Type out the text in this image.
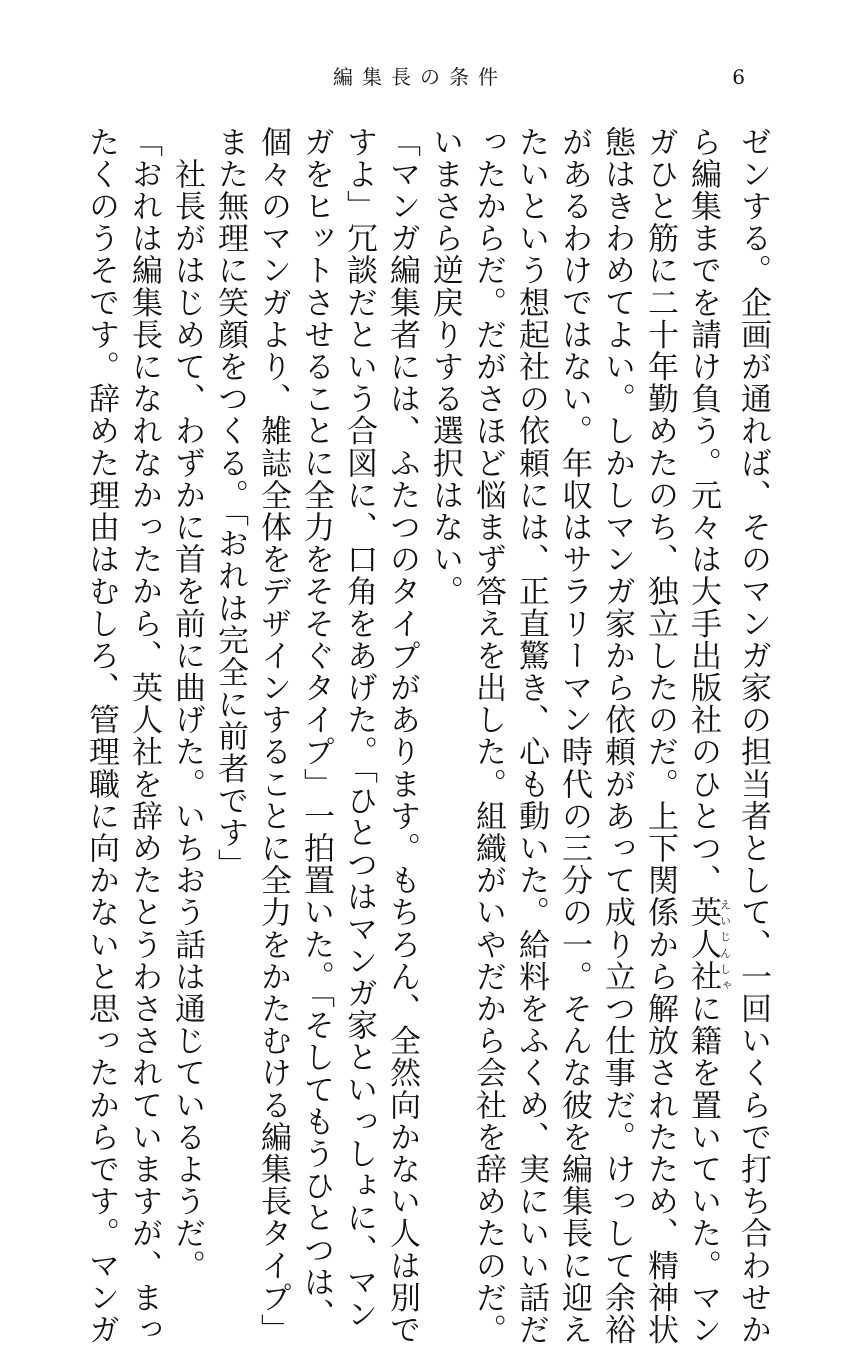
編集長の条件	6

ゼンする。企画が通れば、そのマンガ家の担当者として、一回いくらで打ち合わせか

ら編集までを請け負う。元々は大手出版社のひとつ、英人社えいじんしゃに籍を置いていた。マン

ガひと筋に二十年勤めたのち、独立したのだ。上下関係から解放されたため、精神状

態はきわめてよい。しかしマンガ家から依頼があって成り立つ仕事だ。けっして余裕

があるわけではない。年収はサラリーマン時代の三分の一。そんな彼を編集長に迎え

たいという想起社の依頼には、正直驚き、心も動いた。給料をふくめ、実にいい話だ

ったからだ。だがさほど悩まず答えを出した。組織がいやだから会社を辞めたのだ。

いまさら逆戻りする選択はない。

「マンガ編集者には、ふたつのタイプがあります。もちろん、全然向かない人は別で

すよ」冗談だという合図に、口角をあげた。「ひとつはマンガ家といっしょに、マン

ガをヒットさせることに全力をそそぐタイプ」一拍置いた。「そしてもうひとつは、

個々のマンガより、雑誌全体をデザインすることに全力をかたむける編集長タイプ」

また無理に笑顔をつくる。「おれは完全に前者です」

　社長がはじめて、わずかに首を前に曲げた。いちおう話は通じているようだ。

「おれは編集長になれなかったから、英人社を辞めたとうわさされていますが、まっ

たくのうそです。辞めた理由はむしろ、管理職に向かないと思ったからです。マンガ
